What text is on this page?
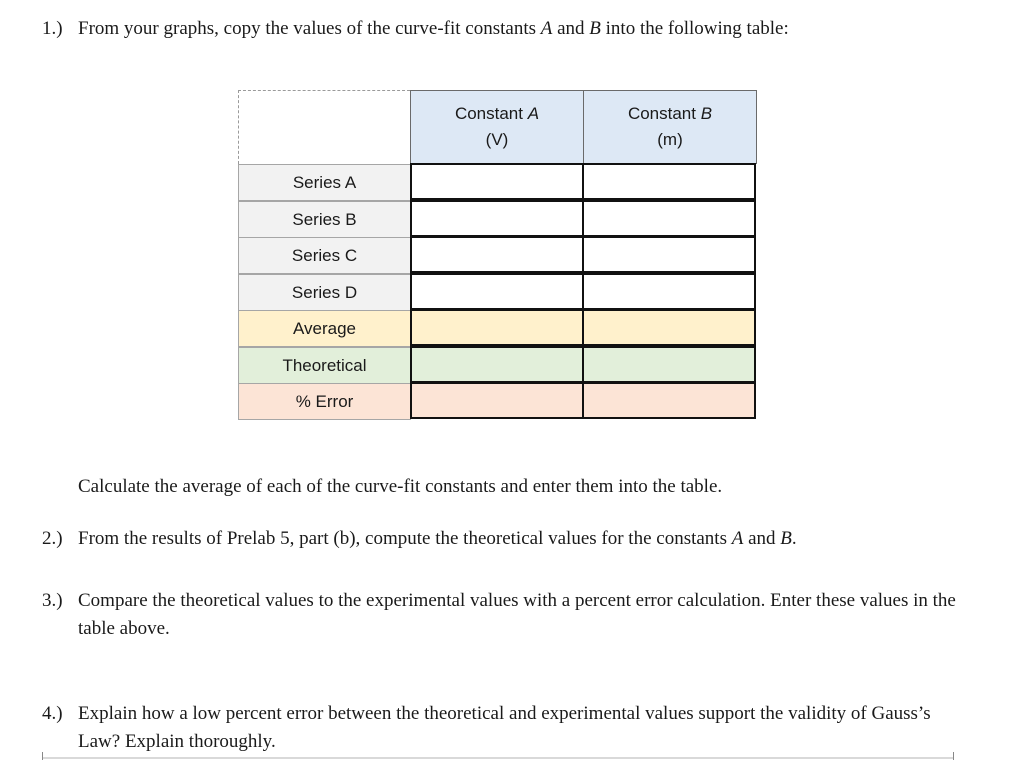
1.) From your graphs, copy the values of the curve-fit constants A and B into the following table:
Constant A
(V)
Constant B
(m)
Series A
Series B
Series C
Series D
Average
Theoretical
% Error
Calculate the average of each of the curve-fit constants and enter them into the table.
2.) From the results of Prelab 5, part (b), compute the theoretical values for the constants A and B.
3.) Compare the theoretical values to the experimental values with a percent error calculation. Enter these values in the table above.
4.) Explain how a low percent error between the theoretical and experimental values support the validity of Gauss’s Law? Explain thoroughly.
